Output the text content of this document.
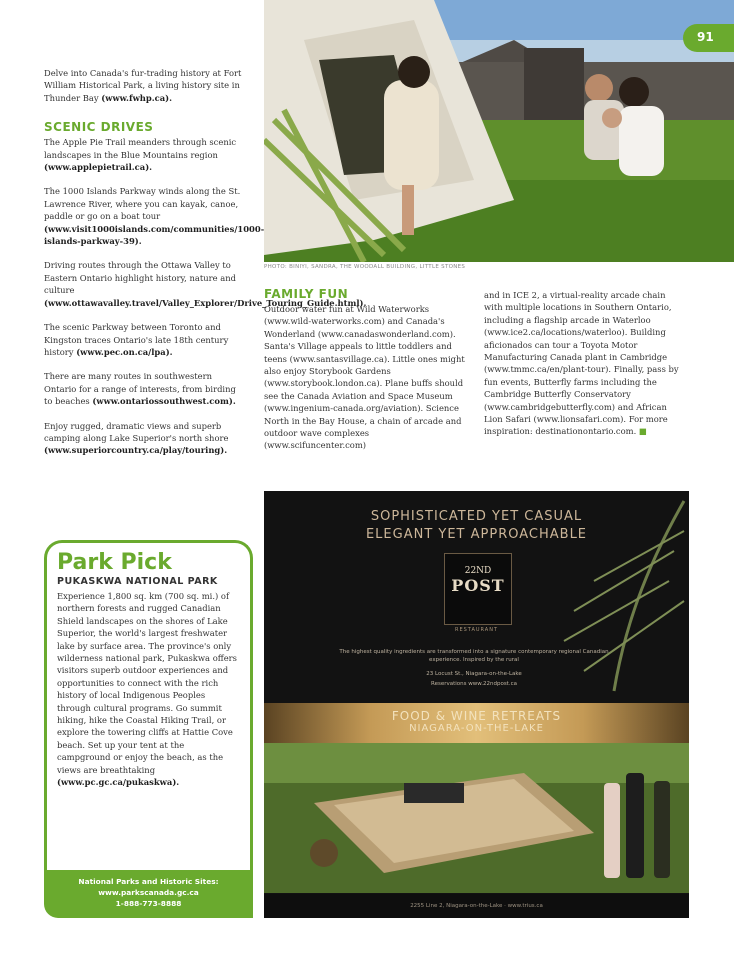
91
PHOTO: BINIYI, SANDRA, THE WOODALL BUILDING, LITTLE STONES

Delve into Canada's fur-trading history at Fort William Historical Park, a living history site in Thunder Bay (www.fwhp.ca).

SCENIC DRIVES

The Apple Pie Trail meanders through scenic landscapes in the Blue Mountains region (www.applepietrail.ca).

The 1000 Islands Parkway winds along the St. Lawrence River, where you can kayak, canoe, paddle or go on a boat tour (www.visit1000islands.com/communities/1000-islands-parkway-39).

Driving routes through the Ottawa Valley to Eastern Ontario highlight history, nature and culture (www.ottawavalley.travel/Valley_Explorer/Drive_Touring_Guide.html).

The scenic Parkway between Toronto and Kingston traces Ontario's late 18th century history (www.pec.on.ca/lpa).

There are many routes in southwestern Ontario for a range of interests, from birding to beaches (www.ontariossouthwest.com).

Enjoy rugged, dramatic views and superb camping along Lake Superior's north shore (www.superiorcountry.ca/play/touring).

Park Pick
PUKASKWA NATIONAL PARK

Experience 1,800 sq. km (700 sq. mi.) of northern forests and rugged Canadian Shield landscapes on the shores of Lake Superior, the world's largest freshwater lake by surface area. The province's only wilderness national park, Pukaskwa offers visitors superb outdoor experiences and opportunities to connect with the rich history of local Indigenous Peoples through cultural programs. Go summit hiking, hike the Coastal Hiking Trail, or explore the towering cliffs at Hattie Cove beach. Set up your tent at the campground or enjoy the beach, as the views are breathtaking (www.pc.gc.ca/pukaskwa).

National Parks and Historic Sites:
www.parkscanada.gc.ca
1-888-773-8888
FAMILY FUN

Outdoor water fun at Wild Waterworks (www.wild-waterworks.com) and Canada's Wonderland (www.canadaswonderland.com). Santa's Village appeals to little toddlers and teens (www.santasvillage.ca). Little ones might also enjoy Storybook Gardens (www.storybook.london.ca). Plane buffs should see the Canada Aviation and Space Museum (www.ingenium-canada.org/aviation). Science North in the Bay House, a chain of arcade and outdoor wave complexes (www.scifuncenter.com)

and in ICE 2, a virtual-reality arcade chain with multiple locations in Southern Ontario, including a flagship arcade in Waterloo (www.ice2.ca/locations/waterloo). Building aficionados can tour a Toyota Motor Manufacturing Canada plant in Cambridge (www.tmmc.ca/en/plant-tour). Finally, pass by fun events, Butterfly farms including the Cambridge Butterfly Conservatory (www.cambridgebutterfly.com) and African Lion Safari (www.lionsafari.com). For more inspiration: destinationontario.com. ■

SOPHISTICATED YET CASUAL
ELEGANT YET APPROACHABLE
22ND
POST
RESTAURANT
The highest quality ingredients are transformed into a signature contemporary regional Canadian experience. Inspired by the rural
23 Locust St., Niagara-on-the-Lake
Reservations www.22ndpost.ca
FOOD & WINE RETREATS
NIAGARA-ON-THE-LAKE
2255 Line 2, Niagara-on-the-Lake · www.trius.ca
